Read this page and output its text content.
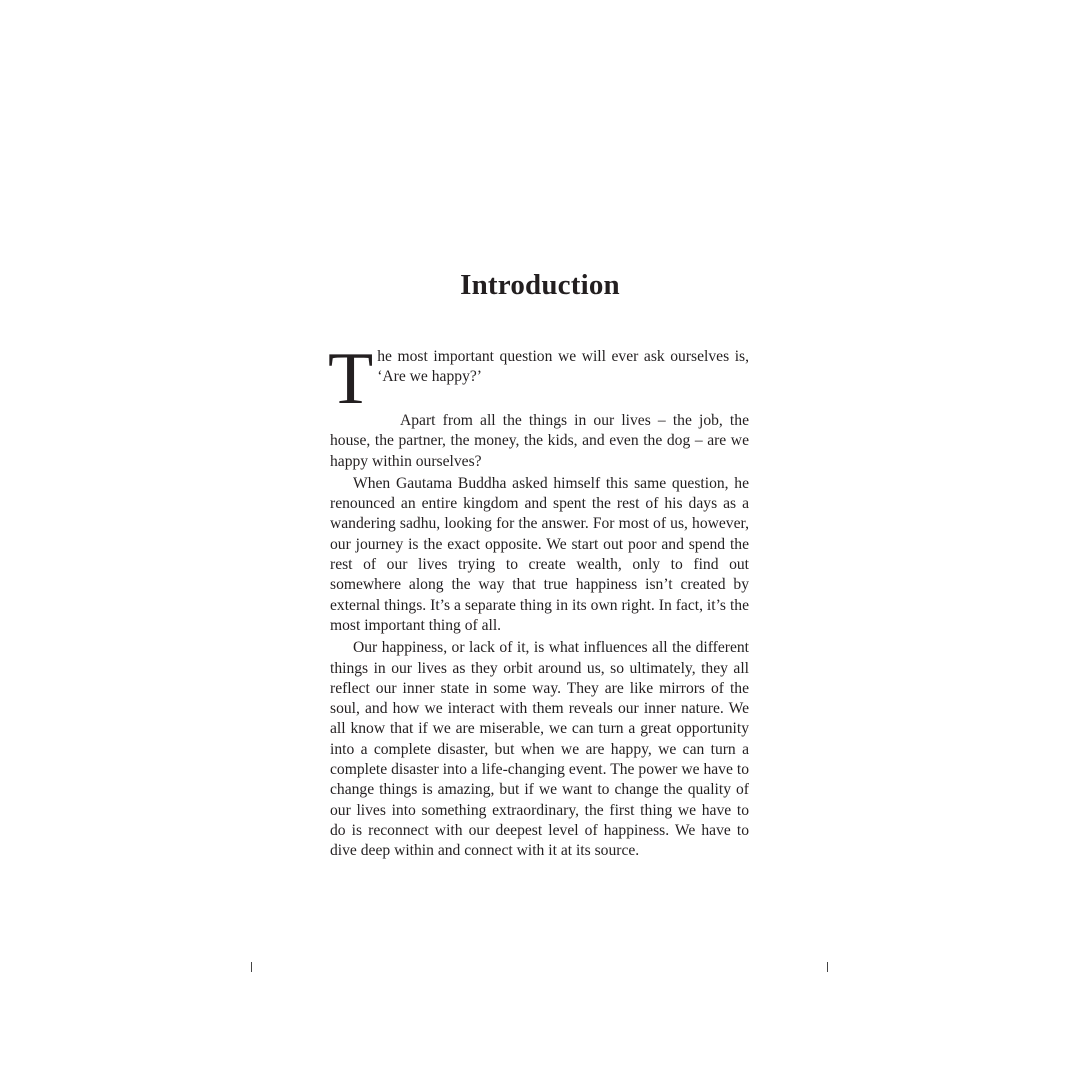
Introduction

T he most important question we will ever ask ourselves is, ‘Are we happy?’

Apart from all the things in our lives – the job, the house, the partner, the money, the kids, and even the dog – are we happy within ourselves?

When Gautama Buddha asked himself this same question, he renounced an entire kingdom and spent the rest of his days as a wandering sadhu, looking for the answer. For most of us, however, our journey is the exact opposite. We start out poor and spend the rest of our lives trying to create wealth, only to find out somewhere along the way that true happiness isn’t created by external things. It’s a separate thing in its own right. In fact, it’s the most important thing of all.

Our happiness, or lack of it, is what influences all the different things in our lives as they orbit around us, so ultimately, they all reflect our inner state in some way. They are like mirrors of the soul, and how we interact with them reveals our inner nature. We all know that if we are miserable, we can turn a great opportunity into a complete disaster, but when we are happy, we can turn a complete disaster into a life-changing event. The power we have to change things is amazing, but if we want to change the quality of our lives into something extraordinary, the first thing we have to do is reconnect with our deepest level of happiness. We have to dive deep within and connect with it at its source.
